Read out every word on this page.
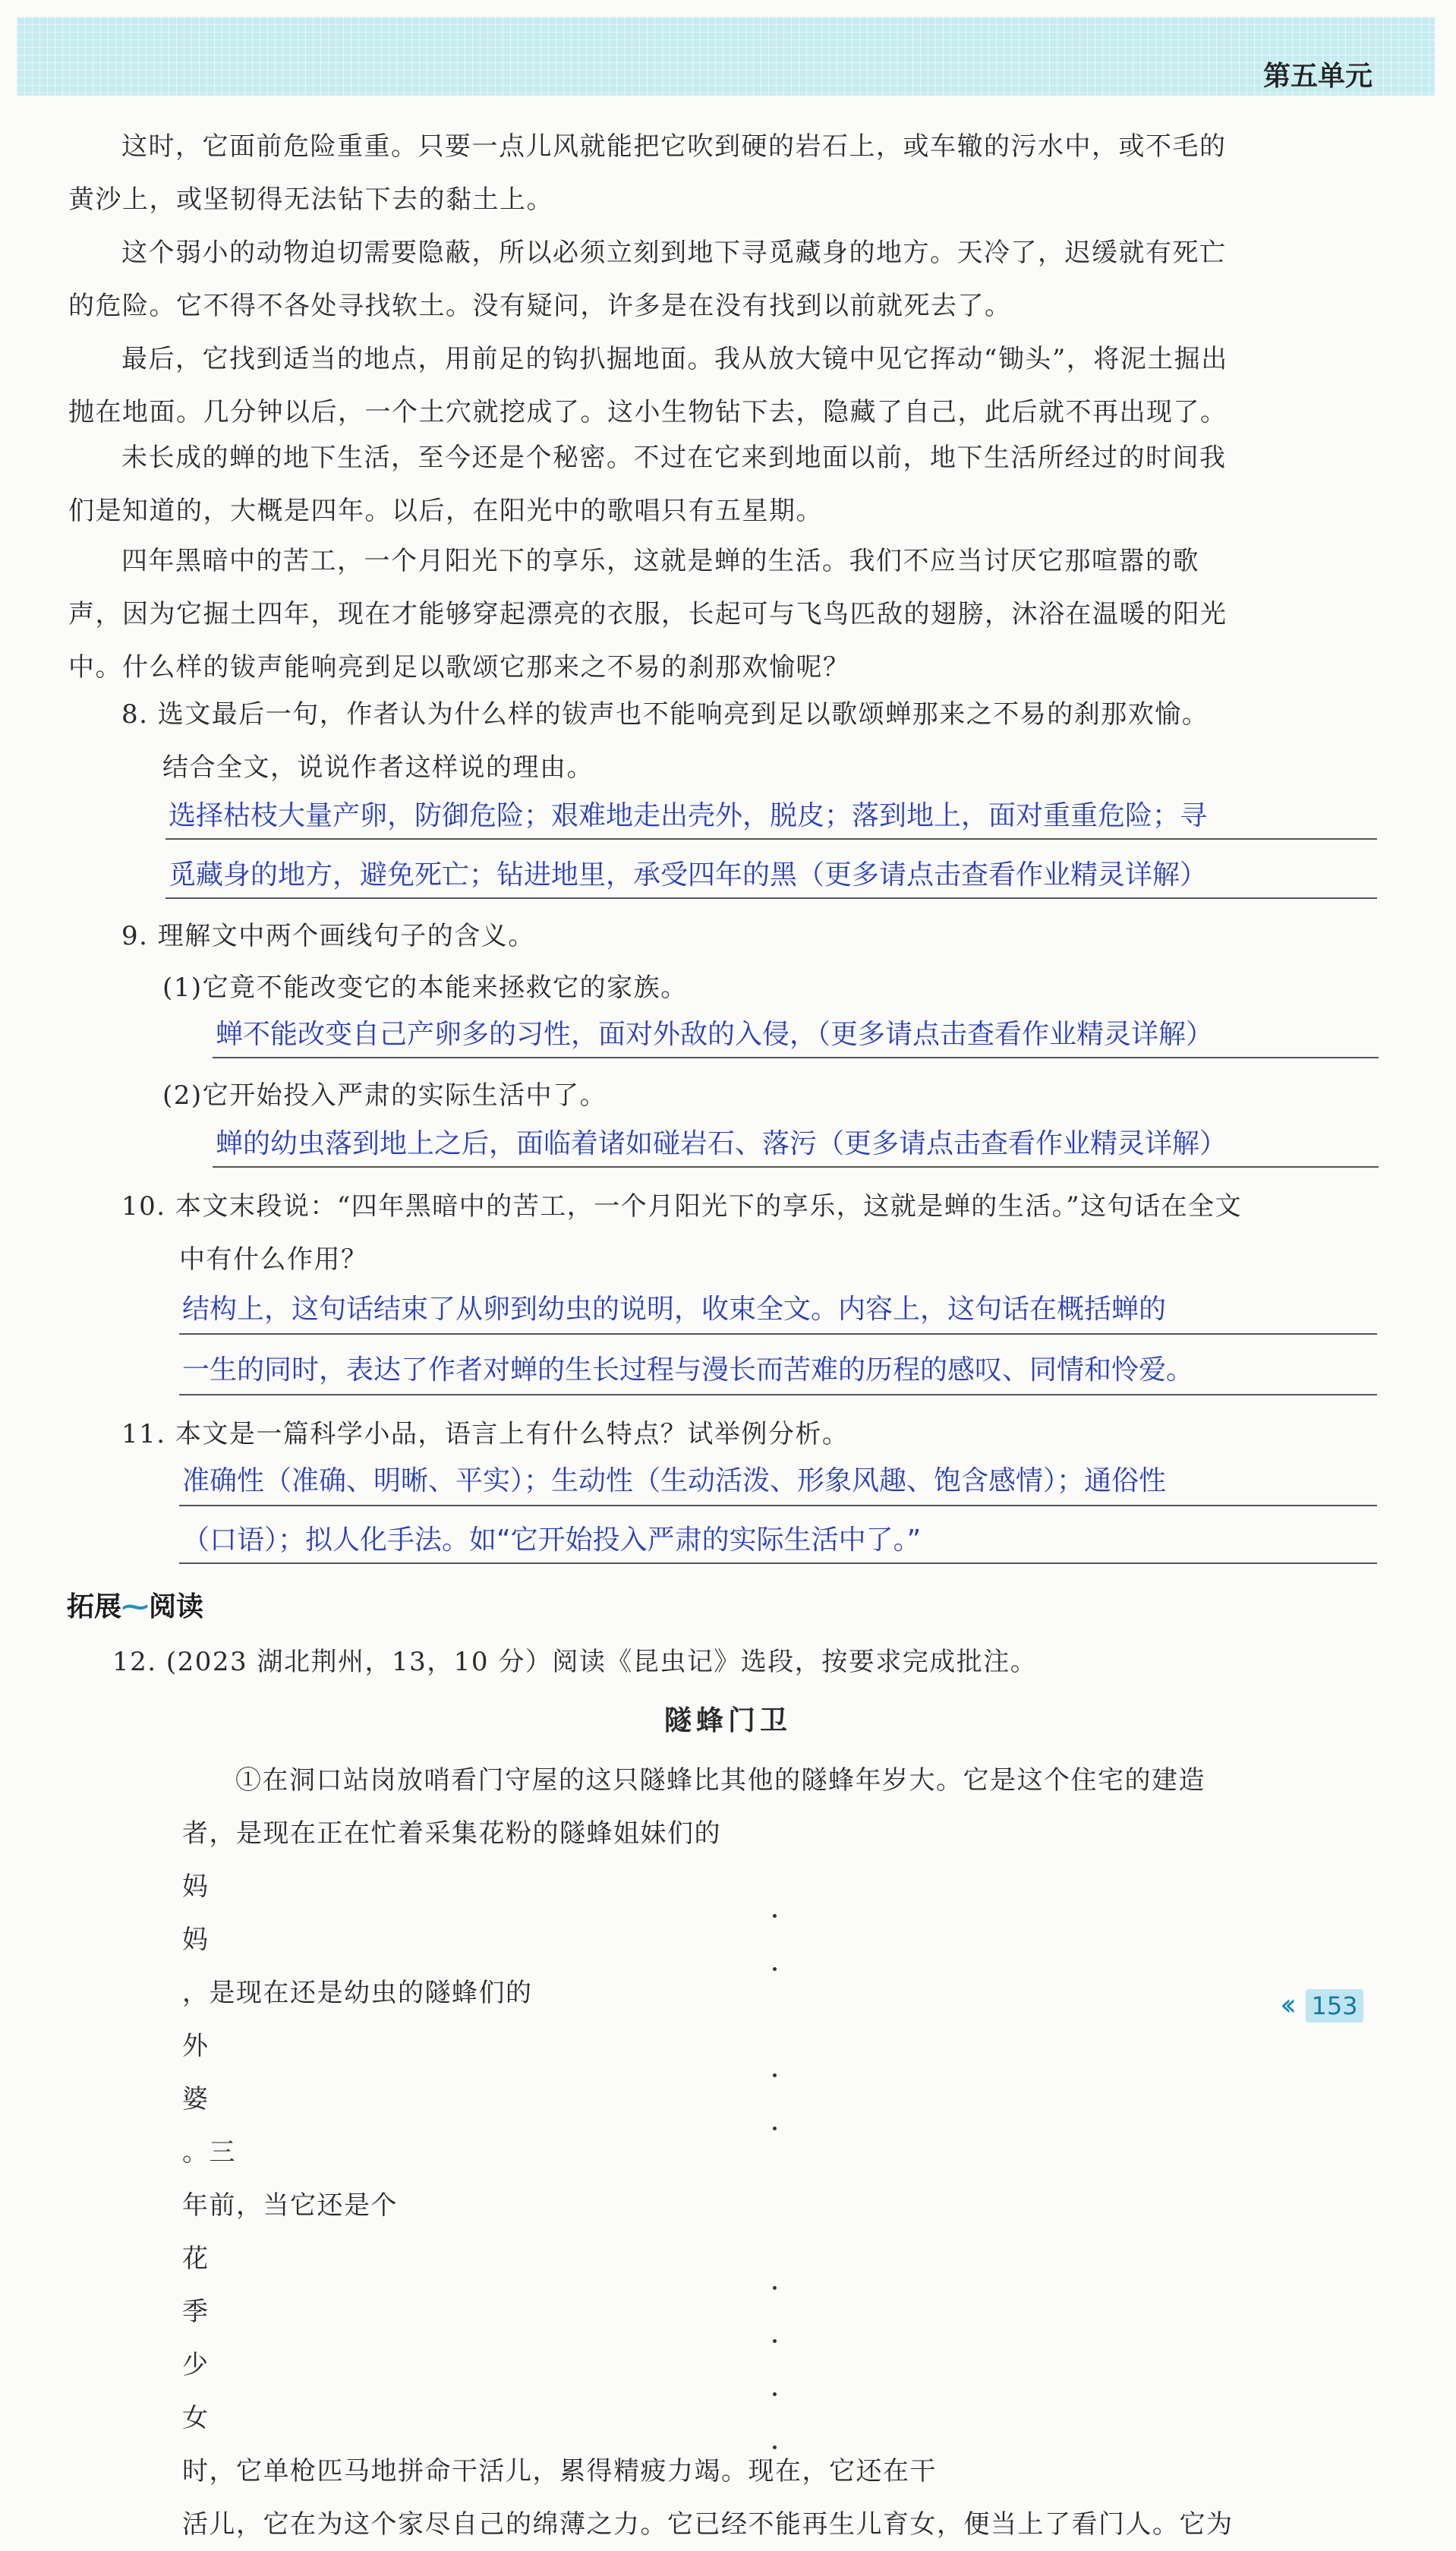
第五单元
这时，它面前危险重重。只要一点儿风就能把它吹到硬的岩石上，或车辙的污水中，或不毛的
黄沙上，或坚韧得无法钻下去的黏土上。
这个弱小的动物迫切需要隐蔽，所以必须立刻到地下寻觅藏身的地方。天冷了，迟缓就有死亡
的危险。它不得不各处寻找软土。没有疑问，许多是在没有找到以前就死去了。
最后，它找到适当的地点，用前足的钩扒掘地面。我从放大镜中见它挥动“锄头”，将泥土掘出
抛在地面。几分钟以后，一个土穴就挖成了。这小生物钻下去，隐藏了自己，此后就不再出现了。
未长成的蝉的地下生活，至今还是个秘密。不过在它来到地面以前，地下生活所经过的时间我
们是知道的，大概是四年。以后，在阳光中的歌唱只有五星期。
四年黑暗中的苦工，一个月阳光下的享乐，这就是蝉的生活。我们不应当讨厌它那喧嚣的歌
声，因为它掘土四年，现在才能够穿起漂亮的衣服，长起可与飞鸟匹敌的翅膀，沐浴在温暖的阳光
中。什么样的钹声能响亮到足以歌颂它那来之不易的刹那欢愉呢？
8. 选文最后一句，作者认为什么样的钹声也不能响亮到足以歌颂蝉那来之不易的刹那欢愉。
结合全文，说说作者这样说的理由。
选择枯枝大量产卵，防御危险；艰难地走出壳外，脱皮；落到地上，面对重重危险；寻
觅藏身的地方，避免死亡；钻进地里，承受四年的黑（更多请点击查看作业精灵详解）
9. 理解文中两个画线句子的含义。
(1)它竟不能改变它的本能来拯救它的家族。
蝉不能改变自己产卵多的习性，面对外敌的入侵，（更多请点击查看作业精灵详解）
(2)它开始投入严肃的实际生活中了。
蝉的幼虫落到地上之后，面临着诸如碰岩石、落污（更多请点击查看作业精灵详解）
10. 本文末段说：“四年黑暗中的苦工，一个月阳光下的享乐，这就是蝉的生活。”这句话在全文
中有什么作用？
结构上，这句话结束了从卵到幼虫的说明，收束全文。内容上，这句话在概括蝉的
一生的同时，表达了作者对蝉的生长过程与漫长而苦难的历程的感叹、同情和怜爱。
11. 本文是一篇科学小品，语言上有什么特点？试举例分析。
准确性（准确、明晰、平实）；生动性（生动活泼、形象风趣、饱含感情）；通俗性
（口语）；拟人化手法。如“它开始投入严肃的实际生活中了。”
拓展⁓阅读
12. (2023 湖北荆州，13，10 分）阅读《昆虫记》选段，按要求完成批注。
隧蜂门卫
①在洞口站岗放哨看门守屋的这只隧蜂比其他的隧蜂年岁大。它是这个住宅的建造
者，是现在正在忙着采集花粉的隧蜂姐妹们的
妈
妈
，是现在还是幼虫的隧蜂们的
外
婆
。三
年前，当它还是个
花
季
少
女
时，它单枪匹马地拼命干活儿，累得精疲力竭。现在，它还在干
活儿，它在为这个家尽自己的绵薄之力。它已经不能再生儿育女，便当上了看门人。它为
‹‹ 153
